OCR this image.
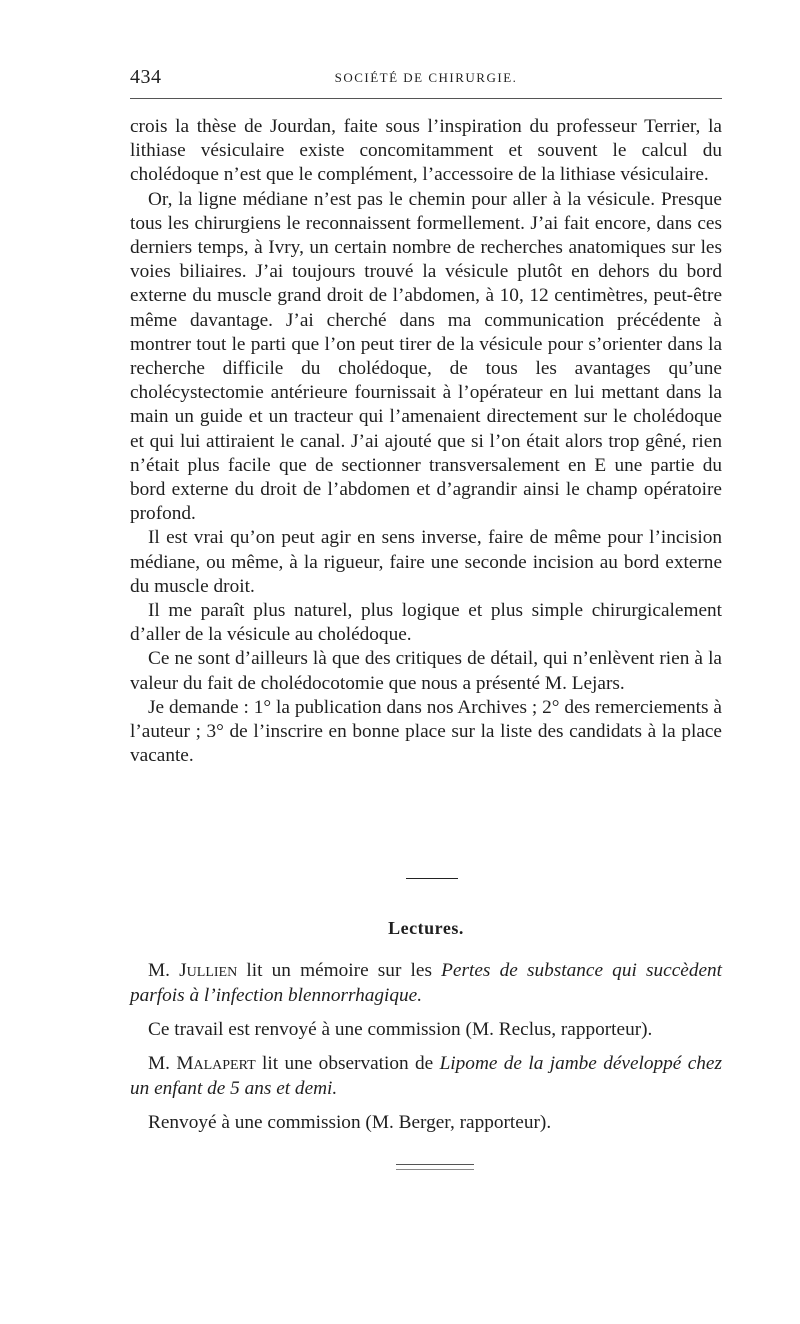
434	SOCIÉTÉ DE CHIRURGIE.

crois la thèse de Jourdan, faite sous l’inspiration du professeur Terrier, la lithiase vésiculaire existe concomitamment et souvent le calcul du cholédoque n’est que le complément, l’accessoire de la lithiase vésiculaire.

Or, la ligne médiane n’est pas le chemin pour aller à la vésicule. Presque tous les chirurgiens le reconnaissent formellement. J’ai fait encore, dans ces derniers temps, à Ivry, un certain nombre de recherches anatomiques sur les voies biliaires. J’ai toujours trouvé la vésicule plutôt en dehors du bord externe du muscle grand droit de l’abdomen, à 10, 12 centimètres, peut-être même davantage. J’ai cherché dans ma communication précédente à montrer tout le parti que l’on peut tirer de la vésicule pour s’orienter dans la recherche difficile du cholédoque, de tous les avantages qu’une cholécystectomie antérieure fournissait à l’opérateur en lui mettant dans la main un guide et un tracteur qui l’amenaient directement sur le cholédoque et qui lui attiraient le canal. J’ai ajouté que si l’on était alors trop gêné, rien n’était plus facile que de sectionner transversalement en E une partie du bord externe du droit de l’abdomen et d’agrandir ainsi le champ opératoire profond.

Il est vrai qu’on peut agir en sens inverse, faire de même pour l’incision médiane, ou même, à la rigueur, faire une seconde incision au bord externe du muscle droit.

Il me paraît plus naturel, plus logique et plus simple chirurgicalement d’aller de la vésicule au cholédoque.

Ce ne sont d’ailleurs là que des critiques de détail, qui n’enlèvent rien à la valeur du fait de cholédocotomie que nous a présenté M. Lejars.

Je demande : 1° la publication dans nos Archives ; 2° des remerciements à l’auteur ; 3° de l’inscrire en bonne place sur la liste des candidats à la place vacante.

Lectures.

M. Jullien lit un mémoire sur les Pertes de substance qui succèdent parfois à l’infection blennorrhagique.

Ce travail est renvoyé à une commission (M. Reclus, rapporteur).

M. Malapert lit une observation de Lipome de la jambe développé chez un enfant de 5 ans et demi.

Renvoyé à une commission (M. Berger, rapporteur).
